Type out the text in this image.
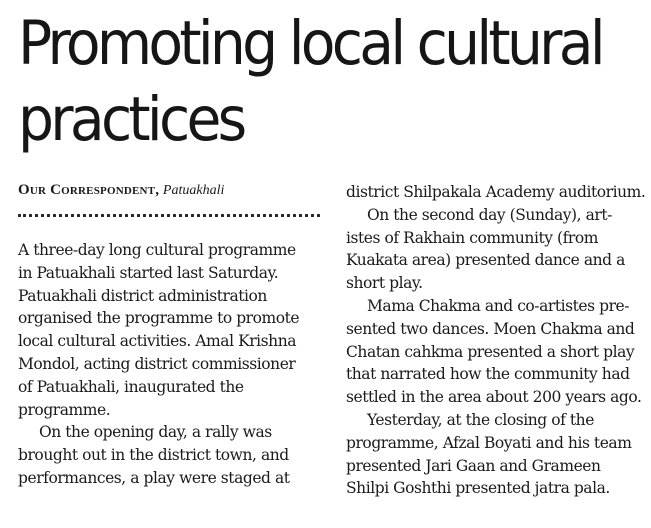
Promoting local cultural
practices
Our Correspondent, Patuakhali
A three-day long cultural programme
in Patuakhali started last Saturday.
Patuakhali district administration
organised the programme to promote
local cultural activities. Amal Krishna
Mondol, acting district commissioner
of Patuakhali, inaugurated the
programme.
On the opening day, a rally was
brought out in the district town, and
performances, a play were staged at
district Shilpakala Academy auditorium.
On the second day (Sunday), art-
istes of Rakhain community (from
Kuakata area) presented dance and a
short play.
Mama Chakma and co-artistes pre-
sented two dances. Moen Chakma and
Chatan cahkma presented a short play
that narrated how the community had
settled in the area about 200 years ago.
Yesterday, at the closing of the
programme, Afzal Boyati and his team
presented Jari Gaan and Grameen
Shilpi Goshthi presented jatra pala.
